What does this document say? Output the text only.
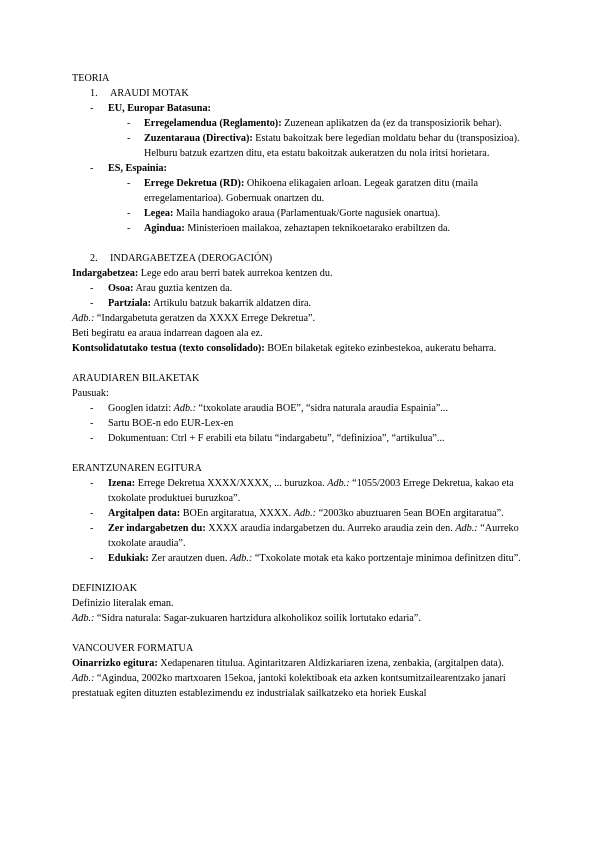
TEORIA

1.	ARAUDI MOTAK
- EU, Europar Batasuna:
- Erregelamendua (Reglamento): Zuzenean aplikatzen da (ez da transposiziorik behar).
- Zuzentaraua (Directiva): Estatu bakoitzak bere legedian moldatu behar du (transposizioa). Helburu batzuk ezartzen ditu, eta estatu bakoitzak aukeratzen du nola iritsi horietara.
- ES, Espainia:
- Errege Dekretua (RD): Ohikoena elikagaien arloan. Legeak garatzen ditu (maila erregelamentarioa). Gobernuak onartzen du.
- Legea: Maila handiagoko araua (Parlamentuak/Gorte nagusiek onartua).
- Agindua: Ministerioen mailakoa, zehaztapen teknikoetarako erabiltzen da.
2.	INDARGABETZEA (DEROGACIÓN)

Indargabetzea: Lege edo arau berri batek aurrekoa kentzen du.

- Osoa: Arau guztia kentzen da.
- Partziala: Artikulu batzuk bakarrik aldatzen dira.

Adb.: “Indargabetuta geratzen da XXXX Errege Dekretua”.

Beti begiratu ea araua indarrean dagoen ala ez.

Kontsolidatutako testua (texto consolidado): BOEn bilaketak egiteko ezinbestekoa, aukeratu beharra.

ARAUDIAREN BILAKETAK

Pausuak:

- Googlen idatzi: Adb.: “txokolate araudia BOE”, “sidra naturala araudia Espainia”...
- Sartu BOE-n edo EUR-Lex-en
- Dokumentuan: Ctrl + F erabili eta bilatu “indargabetu”, “definizioa”, “artikulua”...

ERANTZUNAREN EGITURA

- Izena: Errege Dekretua XXXX/XXXX, ... buruzkoa. Adb.: “1055/2003 Errege Dekretua, kakao eta txokolate produktuei buruzkoa”.
- Argitalpen data: BOEn argitaratua, XXXX. Adb.: “2003ko abuztuaren 5ean BOEn argitaratua”.
- Zer indargabetzen du: XXXX araudia indargabetzen du. Aurreko araudia zein den. Adb.: “Aurreko txokolate araudia”.
- Edukiak: Zer arautzen duen. Adb.: “Txokolate motak eta kako portzentaje minimoa definitzen ditu”.

DEFINIZIOAK

Definizio literalak eman.

Adb.: “Sidra naturala: Sagar-zukuaren hartzidura alkoholikoz soilik lortutako edaria”.

VANCOUVER FORMATUA

Oinarrizko egitura: Xedapenaren titulua. Agintaritzaren Aldizkariaren izena, zenbakia, (argitalpen data).

Adb.: “Agindua, 2002ko martxoaren 15ekoa, jantoki kolektiboak eta azken kontsumitzailearentzako janari prestatuak egiten dituzten establezimendu ez industrialak sailkatzeko eta horiek Euskal
